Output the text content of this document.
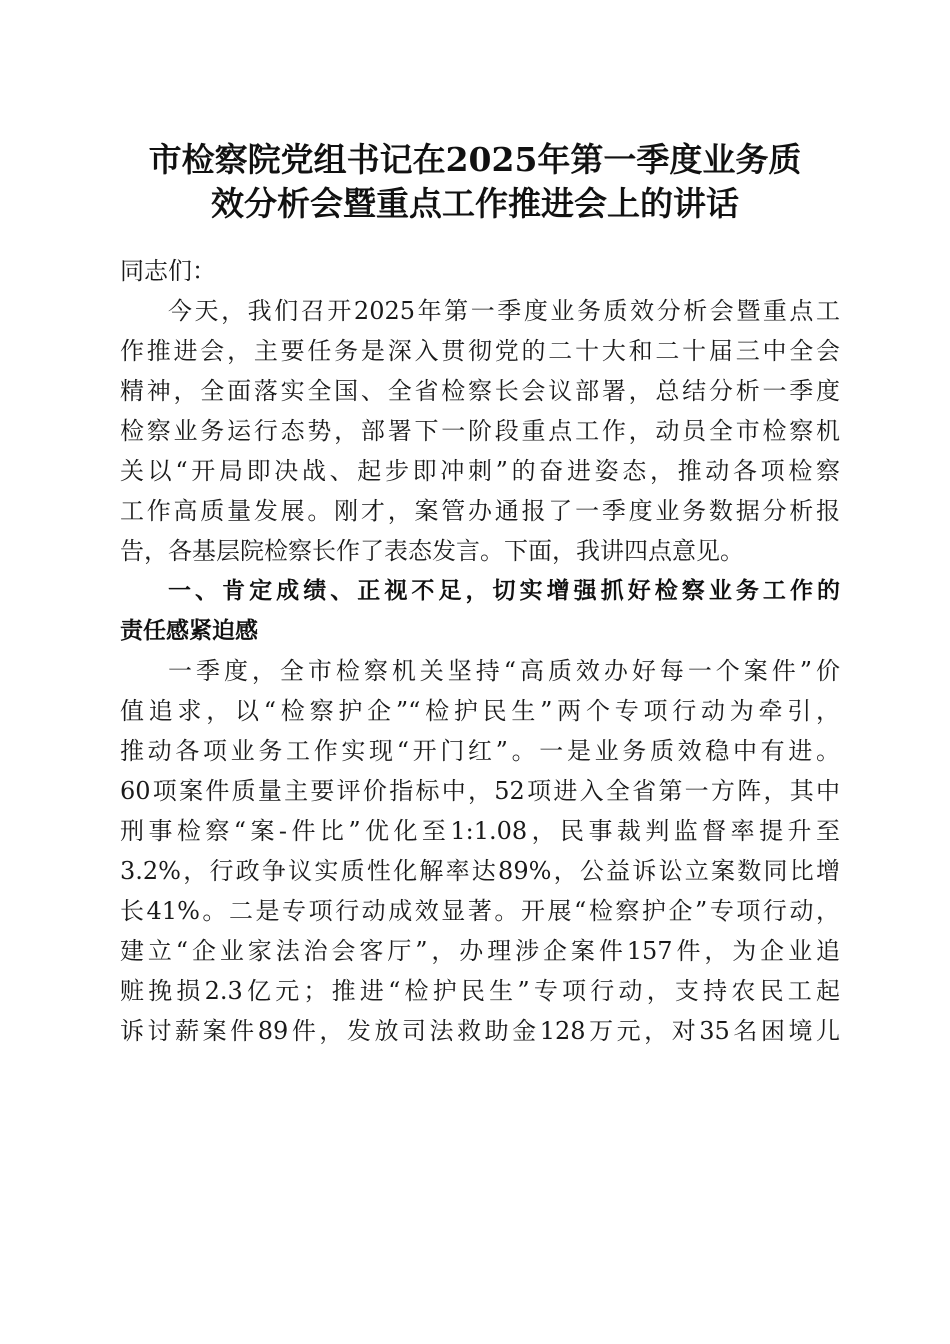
市检察院党组书记在2025年第一季度业务质
效分析会暨重点工作推进会上的讲话
同志们：
今天，我们召开2025年第一季度业务质效分析会暨重点工
作推进会，主要任务是深入贯彻党的二十大和二十届三中全会
精神，全面落实全国、全省检察长会议部署，总结分析一季度
检察业务运行态势，部署下一阶段重点工作，动员全市检察机
关以“开局即决战、起步即冲刺”的奋进姿态，推动各项检察
工作高质量发展。刚才，案管办通报了一季度业务数据分析报
告，各基层院检察长作了表态发言。下面，我讲四点意见。
一、肯定成绩、正视不足，切实增强抓好检察业务工作的
责任感紧迫感
一季度，全市检察机关坚持“高质效办好每一个案件”价
值追求，以“检察护企”“检护民生”两个专项行动为牵引，
推动各项业务工作实现“开门红”。一是业务质效稳中有进。
60项案件质量主要评价指标中，52项进入全省第一方阵，其中
刑事检察“案-件比”优化至1:1.08，民事裁判监督率提升至
3.2%，行政争议实质性化解率达89%，公益诉讼立案数同比增
长41%。二是专项行动成效显著。开展“检察护企”专项行动，
建立“企业家法治会客厅”，办理涉企案件157件，为企业追
赃挽损2.3亿元；推进“检护民生”专项行动，支持农民工起
诉讨薪案件89件，发放司法救助金128万元，对35名困境儿
